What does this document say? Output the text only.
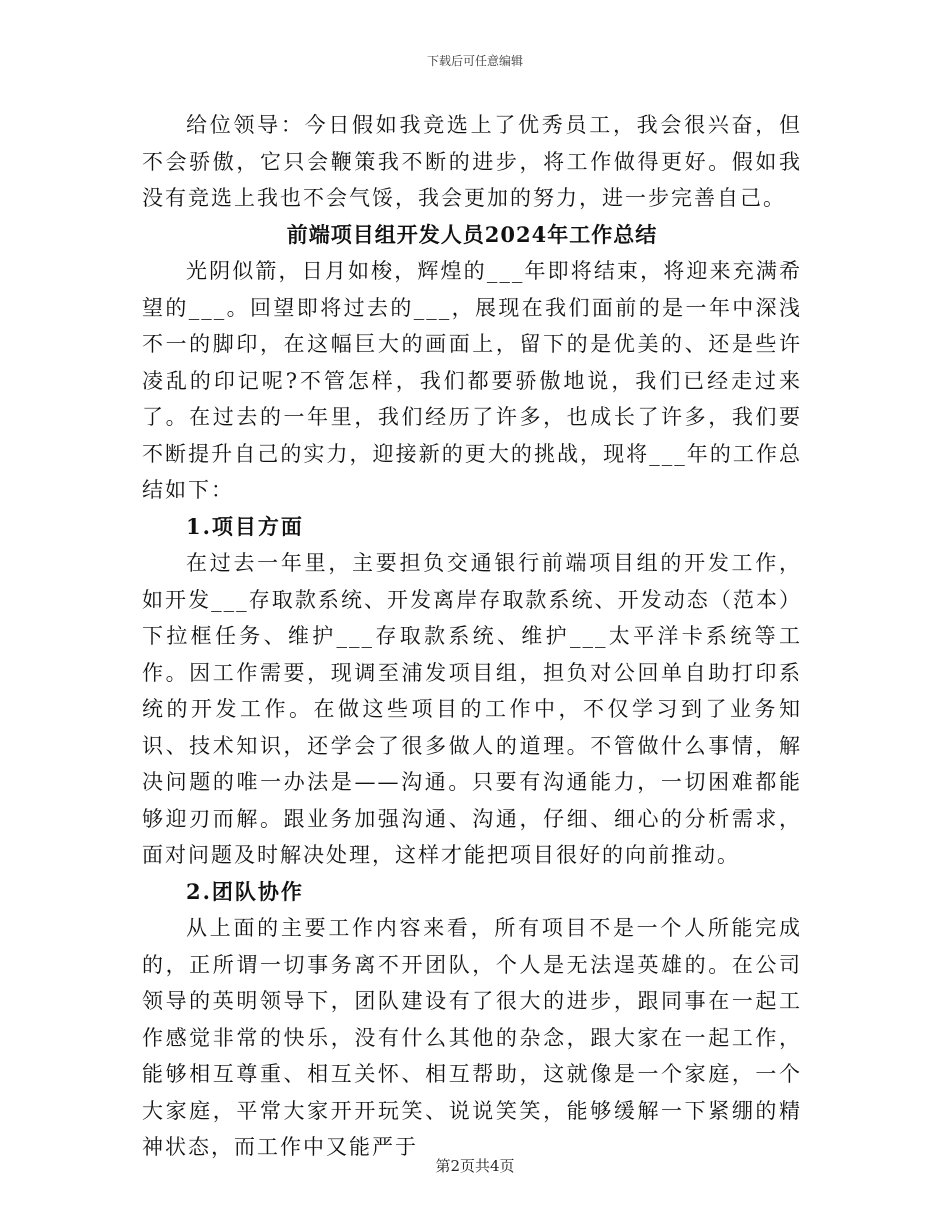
下载后可任意编辑

给位领导：今日假如我竞选上了优秀员工，我会很兴奋，但不会骄傲，它只会鞭策我不断的进步，将工作做得更好。假如我没有竞选上我也不会气馁，我会更加的努力，进一步完善自己。

前端项目组开发人员2024年工作总结

光阴似箭，日月如梭，辉煌的___年即将结束，将迎来充满希望的___。回望即将过去的___，展现在我们面前的是一年中深浅不一的脚印，在这幅巨大的画面上，留下的是优美的、还是些许凌乱的印记呢?不管怎样，我们都要骄傲地说，我们已经走过来了。在过去的一年里，我们经历了许多，也成长了许多，我们要不断提升自己的实力，迎接新的更大的挑战，现将___年的工作总结如下：

1.项目方面

在过去一年里，主要担负交通银行前端项目组的开发工作，如开发___存取款系统、开发离岸存取款系统、开发动态（范本）下拉框任务、维护___存取款系统、维护___太平洋卡系统等工作。因工作需要，现调至浦发项目组，担负对公回单自助打印系统的开发工作。在做这些项目的工作中，不仅学习到了业务知识、技术知识，还学会了很多做人的道理。不管做什么事情，解决问题的唯一办法是——沟通。只要有沟通能力，一切困难都能够迎刃而解。跟业务加强沟通、沟通，仔细、细心的分析需求，面对问题及时解决处理，这样才能把项目很好的向前推动。

2.团队协作

从上面的主要工作内容来看，所有项目不是一个人所能完成的，正所谓一切事务离不开团队，个人是无法逞英雄的。在公司领导的英明领导下，团队建设有了很大的进步，跟同事在一起工作感觉非常的快乐，没有什么其他的杂念，跟大家在一起工作，能够相互尊重、相互关怀、相互帮助，这就像是一个家庭，一个大家庭，平常大家开开玩笑、说说笑笑，能够缓解一下紧绷的精神状态，而工作中又能严于

第2页共4页
